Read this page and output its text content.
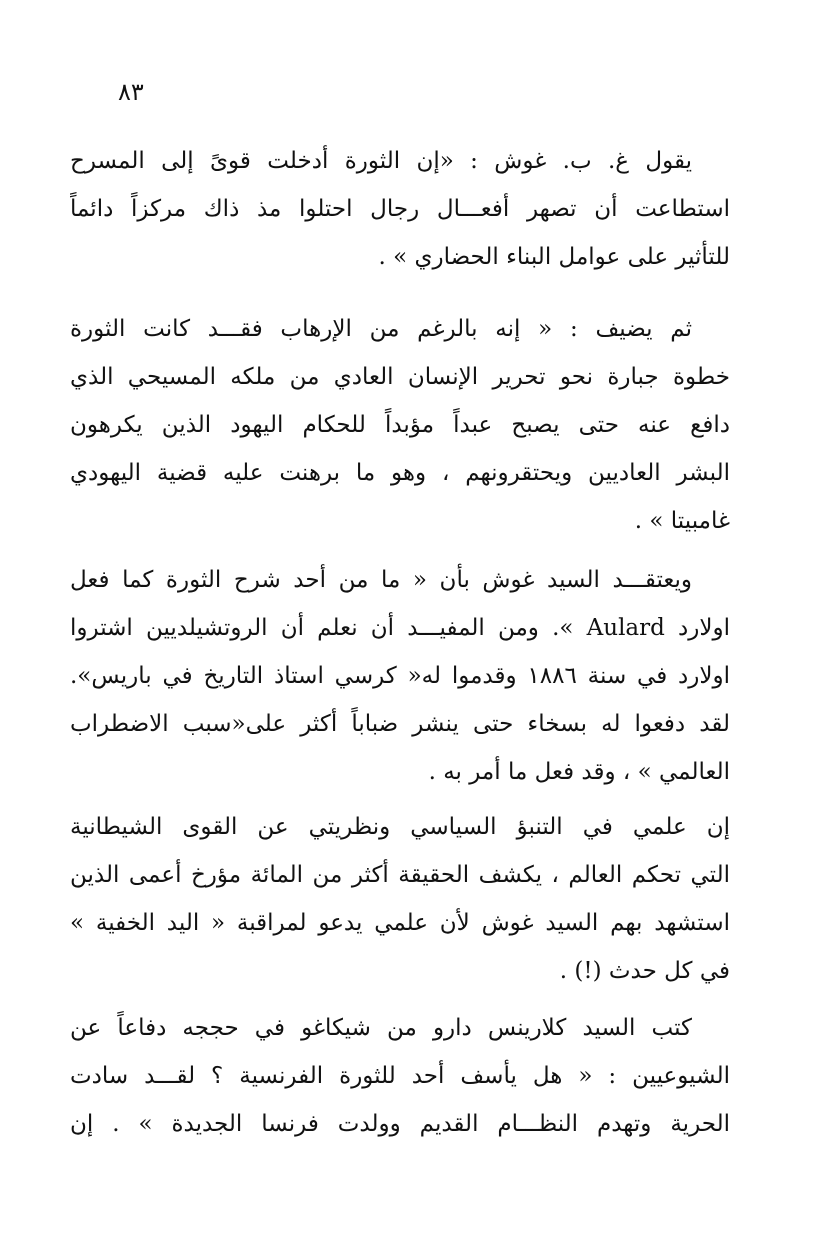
٨٣
يقول غ. ب. غوش : «إن الثورة أدخلت قوىً إلى المسرح
استطاعت أن تصهر أفعـــال رجال احتلوا مذ ذاك مركزاً دائماً
للتأثير على عوامل البناء الحضاري » .
ثم يضيف : « إنه بالرغم من الإرهاب فقـــد كانت الثورة
خطوة جبارة نحو تحرير الإنسان العادي من ملكه المسيحي الذي
دافع عنه حتى يصبح عبداً مؤبداً للحكام اليهود الذين يكرهون
البشر العاديين ويحتقرونهم ، وهو ما برهنت عليه قضية اليهودي
غامبيتا » .
ويعتقـــد السيد غوش بأن « ما من أحد شرح الثورة كما فعل
اولارد Aulard ». ومن المفيـــد أن نعلم أن الروتشيلديين اشتروا
اولارد في سنة ١٨٨٦ وقدموا له« كرسي استاذ التاريخ في باريس».
لقد دفعوا له بسخاء حتى ينشر ضباباً أكثر على«سبب الاضطراب
العالمي » ، وقد فعل ما أمر به .
إن علمي في التنبؤ السياسي ونظريتي عن القوى الشيطانية
التي تحكم العالم ، يكشف الحقيقة أكثر من المائة مؤرخ أعمى الذين
استشهد بهم السيد غوش لأن علمي يدعو لمراقبة « اليد الخفية »
في كل حدث (!) .
كتب السيد كلارينس دارو من شيكاغو في حججه دفاعاً عن
الشيوعيين : « هل يأسف أحد للثورة الفرنسية ؟ لقـــد سادت
الحرية وتهدم النظـــام القديم وولدت فرنسا الجديدة » . إن
